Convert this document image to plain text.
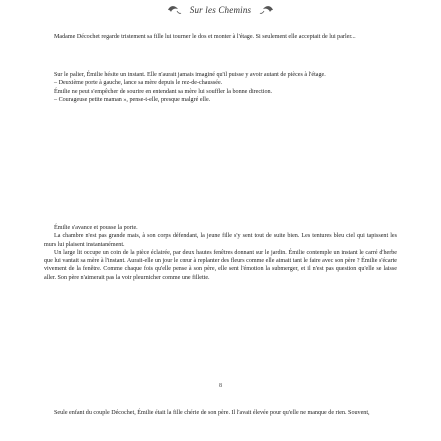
Sur les Chemins

Madame Décochet regarde tristement sa fille lui tourner le dos et monter à l'étage. Si seulement elle acceptait de lui parler...

Sur le palier, Émilie hésite un instant. Elle n'aurait jamais imaginé qu'il puisse y avoir autant de pièces à l'étage.

– Deuxième porte à gauche, lance sa mère depuis le rez-de-chaussée.

Émilie ne peut s'empêcher de sourire en entendant sa mère lui souffler la bonne direction.

– Courageuse petite maman », pense-t-elle, presque malgré elle.

Émilie s'avance et pousse la porte.

La chambre n'est pas grande mais, à son corps défendant, la jeune fille s'y sent tout de suite bien. Les tentures bleu ciel qui tapissent les murs lui plaisent instantanément.

Un large lit occupe un coin de la pièce éclairée, par deux hautes fenêtres donnant sur le jardin. Émilie contemple un instant le carré d'herbe que lui vantait sa mère à l'instant. Aurait-elle un jour le cœur à replanter des fleurs comme elle aimait tant le faire avec son père ? Émilie s'écarte vivement de la fenêtre. Comme chaque fois qu'elle pense à son père, elle sent l'émotion la submerger, et il n'est pas question qu'elle se laisse aller. Son père n'aimerait pas la voir pleurnicher comme une fillette.

8

Seule enfant du couple Décochet, Émilie était la fille chérie de son père. Il l'avait élevée pour qu'elle ne manque de rien. Souvent,
